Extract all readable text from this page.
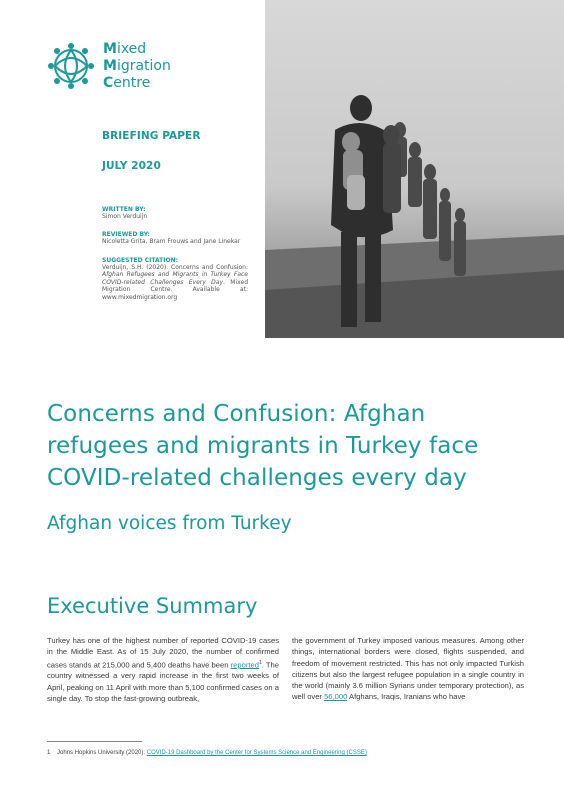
Mixed
Migration
Centre
BRIEFING PAPER
JULY 2020
WRITTEN BY:
Simon Verduijn
REVIEWED BY:
Nicoletta Grita, Bram Frouws and Jane Linekar
SUGGESTED CITATION:
Verduijn, S.H. (2020). Concerns and Confusion: Afghan Refugees and Migrants in Turkey Face COVID-related Challenges Every Day. Mixed Migration Centre. Available at: www.mixedmigration.org
Concerns and Confusion: Afghan refugees and migrants in Turkey face COVID-related challenges every day
Afghan voices from Turkey
Executive Summary
Turkey has one of the highest number of reported COVID-19 cases in the Middle East. As of 15 July 2020, the number of confirmed cases stands at 215,000 and 5,400 deaths have been reported$^1$. The country witnessed a very rapid increase in the first two weeks of April, peaking on 11 April with more than 5,100 confirmed cases on a single day. To stop the fast-growing outbreak,
the government of Turkey imposed various measures. Among other things, international borders were closed, flights suspended, and freedom of movement restricted. This has not only impacted Turkish citizens but also the largest refugee population in a single country in the world (mainly 3.6 million Syrians under temporary protection), as well over 56,000 Afghans, Iraqis, Iranians who have
1 Johns Hopkins University (2020). COVID-19 Dashboard by the Center for Systems Science and Engineering (CSSE)
